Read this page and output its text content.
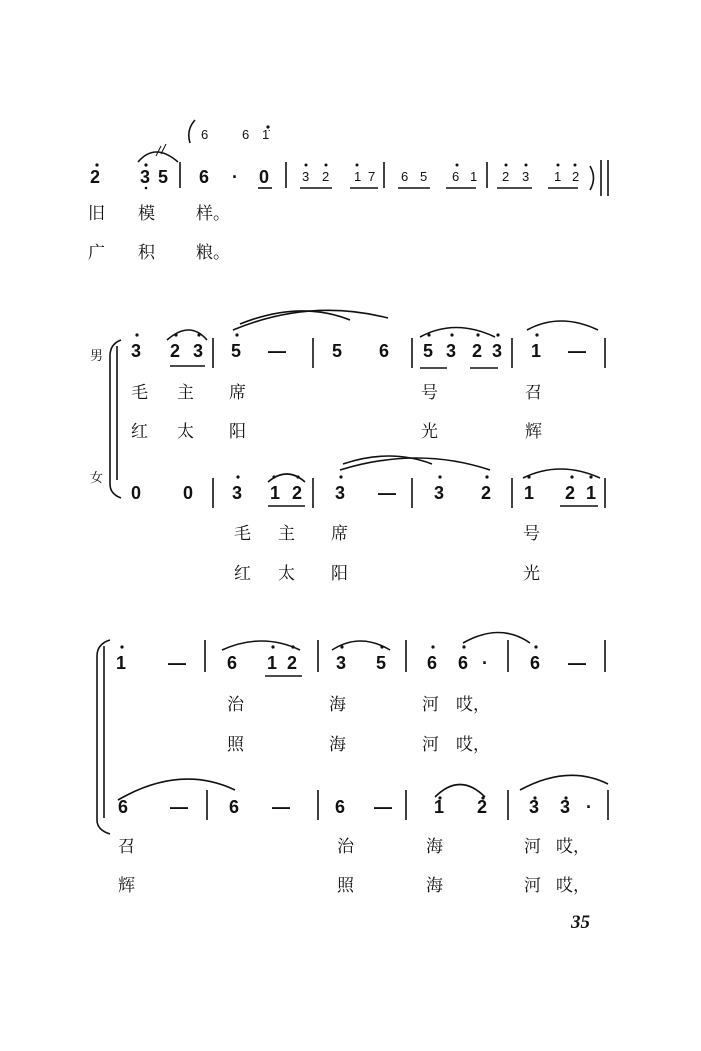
6	6 1̇
2 3 5 6 · 0	3 2 1 7 6 5 6 1 2 3 1 2
旧 模 样。
广 积 粮。
男
女
3 2 3 5 —	5 6 5 3 2 3 1 —
毛 主 席	号	召
红 太 阳	光	辉
0 0 3 1 2 3 — 3 2 1 2 1
毛 主 席	号
红 太 阳	光
1 — 6 1 2 3 5 6 6 · 6 —
治	海	河 哎，
照	海	河 哎，
6 — 6 —	6 — 1 2 3 3 ·
召	治	海	河 哎，
辉	照	海	河 哎，
35
